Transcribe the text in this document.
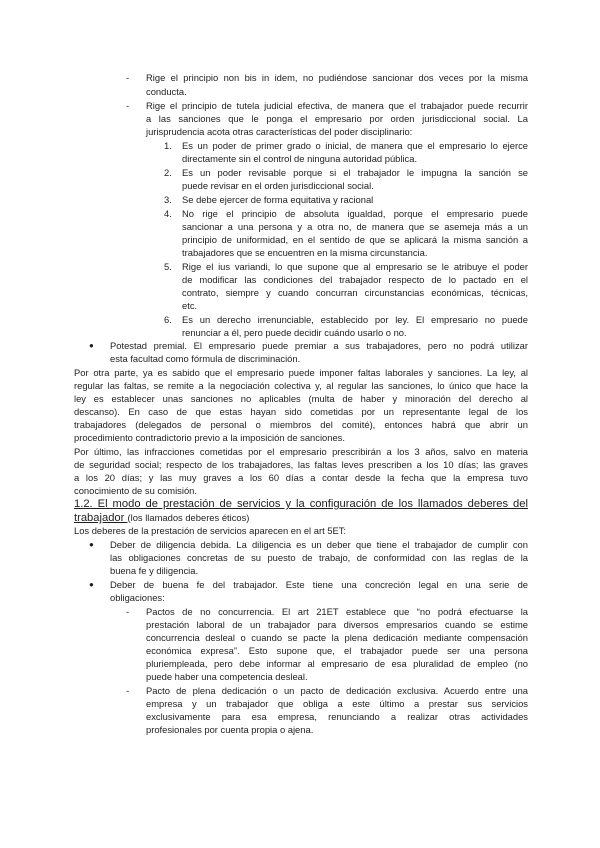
- Rige el principio non bis in idem, no pudiéndose sancionar dos veces por la misma
conducta.
- Rige el principio de tutela judicial efectiva, de manera que el trabajador puede recurrir
a las sanciones que le ponga el empresario por orden jurisdiccional social. La
jurisprudencia acota otras características del poder disciplinario:
1. Es un poder de primer grado o inicial, de manera que el empresario lo ejerce
directamente sin el control de ninguna autoridad pública.
2. Es un poder revisable porque si el trabajador le impugna la sanción se
puede revisar en el orden jurisdiccional social.
3. Se debe ejercer de forma equitativa y racional
4. No rige el principio de absoluta igualdad, porque el empresario puede
sancionar a una persona y a otra no, de manera que se asemeja más a un
principio de uniformidad, en el sentido de que se aplicará la misma sanción a
trabajadores que se encuentren en la misma circunstancia.
5. Rige el ius variandi, lo que supone que al empresario se le atribuye el poder
de modificar las condiciones del trabajador respecto de lo pactado en el
contrato, siempre y cuando concurran circunstancias económicas, técnicas,
etc.
6. Es un derecho irrenunciable, establecido por ley. El empresario no puede
renunciar a él, pero puede decidir cuándo usarlo o no.
● Potestad premial. El empresario puede premiar a sus trabajadores, pero no podrá utilizar
esta facultad como fórmula de discriminación.
Por otra parte, ya es sabido que el empresario puede imponer faltas laborales y sanciones. La ley, al
regular las faltas, se remite a la negociación colectiva y, al regular las sanciones, lo único que hace la
ley es establecer unas sanciones no aplicables (multa de haber y minoración del derecho al
descanso). En caso de que estas hayan sido cometidas por un representante legal de los
trabajadores (delegados de personal o miembros del comité), entonces habrá que abrir un
procedimiento contradictorio previo a la imposición de sanciones.
Por último, las infracciones cometidas por el empresario prescribirán a los 3 años, salvo en materia
de seguridad social; respecto de los trabajadores, las faltas leves prescriben a los 10 días; las graves
a los 20 días; y las muy graves a los 60 días a contar desde la fecha que la empresa tuvo
conocimiento de su comisión.
1.2. El modo de prestación de servicios y la configuración de los llamados deberes del
trabajador (los llamados deberes éticos)
Los deberes de la prestación de servicios aparecen en el art 5ET:
● Deber de diligencia debida. La diligencia es un deber que tiene el trabajador de cumplir con
las obligaciones concretas de su puesto de trabajo, de conformidad con las reglas de la
buena fe y diligencia.
● Deber de buena fe del trabajador. Este tiene una concreción legal en una serie de
obligaciones:
- Pactos de no concurrencia. El art 21ET establece que “no podrá efectuarse la
prestación laboral de un trabajador para diversos empresarios cuando se estime
concurrencia desleal o cuando se pacte la plena dedicación mediante compensación
económica expresa”. Esto supone que, el trabajador puede ser una persona
pluriempleada, pero debe informar al empresario de esa pluralidad de empleo (no
puede haber una competencia desleal.
- Pacto de plena dedicación o un pacto de dedicación exclusiva. Acuerdo entre una
empresa y un trabajador que obliga a este último a prestar sus servicios
exclusivamente para esa empresa, renunciando a realizar otras actividades
profesionales por cuenta propia o ajena.
